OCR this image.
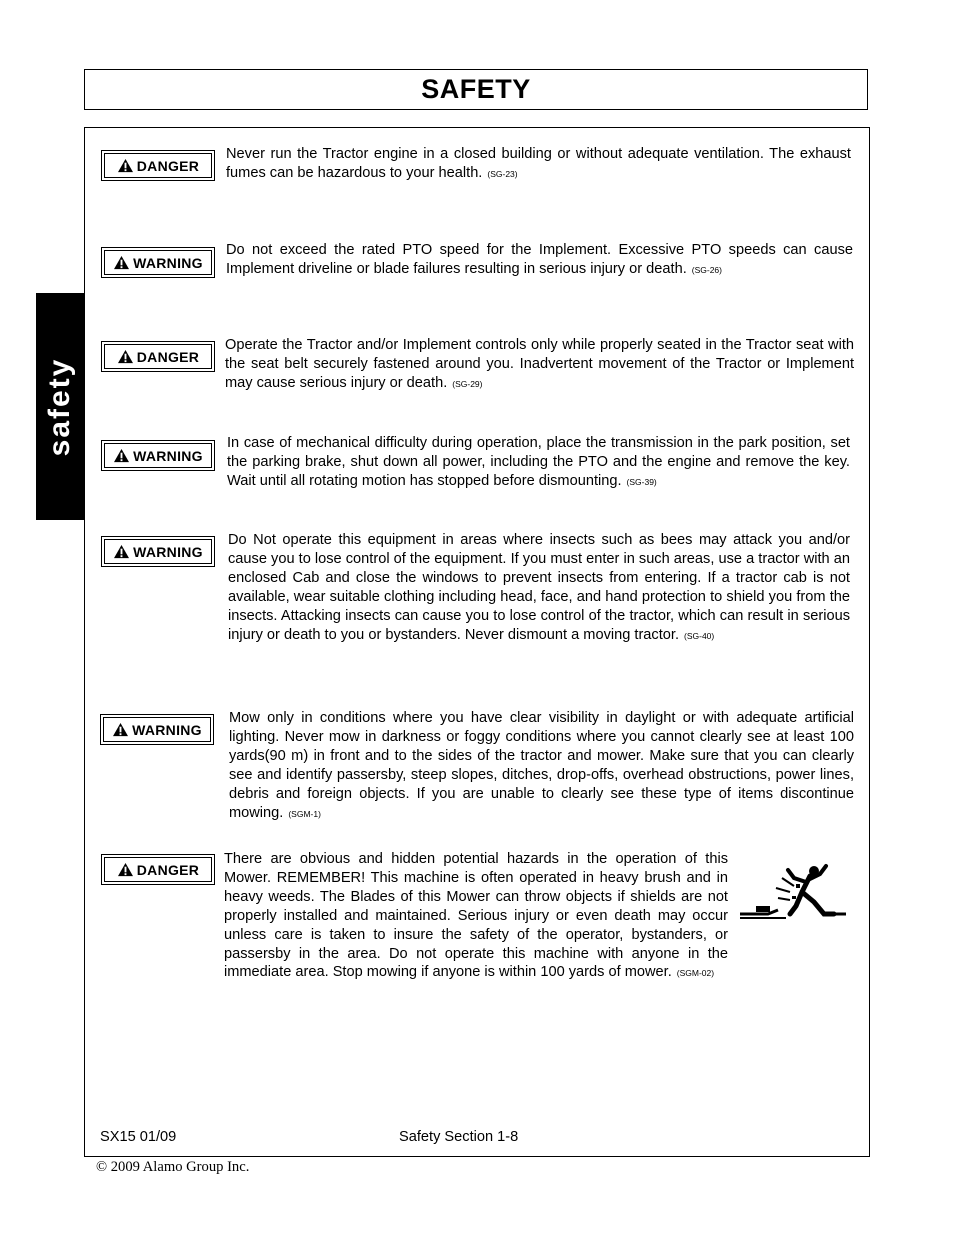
SAFETY
safety
DANGER
Never run the Tractor engine in a closed building or without adequate ventilation. The exhaust fumes can be hazardous to your health. (SG-23)
WARNING
Do not exceed the rated PTO speed for the Implement. Excessive PTO speeds can cause Implement driveline or blade failures resulting in serious injury or death. (SG-26)
DANGER
Operate the Tractor and/or Implement controls only while properly seated in the Tractor seat with the seat belt securely fastened around you. Inadvertent movement of the Tractor or Implement may cause serious injury or death. (SG-29)
WARNING
In case of mechanical difficulty during operation, place the transmission in the park position, set the parking brake, shut down all power, including the PTO and the engine and remove the key. Wait until all rotating motion has stopped before dismounting. (SG-39)
WARNING
Do Not operate this equipment in areas where insects such as bees may attack you and/or cause you to lose control of the equipment. If you must enter in such areas, use a tractor with an enclosed Cab and close the windows to prevent insects from entering. If a tractor cab is not available, wear suitable clothing including head, face, and hand protection to shield you from the insects. Attacking insects can cause you to lose control of the tractor, which can result in serious injury or death to you or bystanders. Never dismount a moving tractor. (SG-40)
WARNING
Mow only in conditions where you have clear visibility in daylight or with adequate artificial lighting. Never mow in darkness or foggy conditions where you cannot clearly see at least 100 yards(90 m) in front and to the sides of the tractor and mower. Make sure that you can clearly see and identify passersby, steep slopes, ditches, drop-offs, overhead obstructions, power lines, debris and foreign objects. If you are unable to clearly see these type of items discontinue mowing. (SGM-1)
DANGER
There are obvious and hidden potential hazards in the operation of this Mower. REMEMBER! This machine is often operated in heavy brush and in heavy weeds. The Blades of this Mower can throw objects if shields are not properly installed and maintained. Serious injury or even death may occur unless care is taken to insure the safety of the operator, bystanders, or passersby in the area. Do not operate this machine with anyone in the immediate area. Stop mowing if anyone is within 100 yards of mower. (SGM-02)
SX15 01/09	Safety Section 1-8
© 2009 Alamo Group Inc.
